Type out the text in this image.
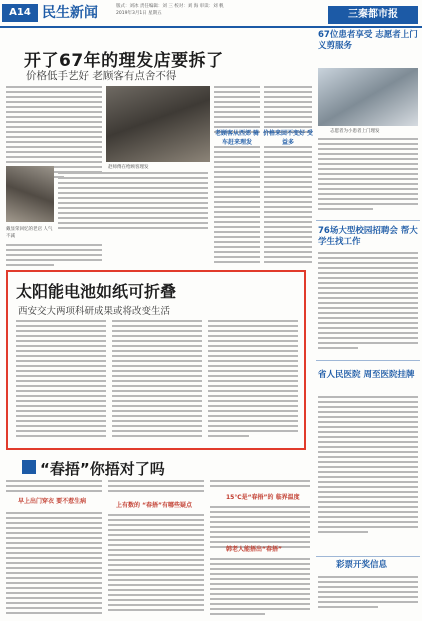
A14 民生新闻	版式：刘冰 责任编辑：刘 三 校对：刘 海 审读：刘 帆
2019年3月1日 星期五	三秦都市报
开了67年的理发店要拆了
价格低手艺好 老顾客有点舍不得
赵师傅在给顾客理发
老顾客从西郊 骑车赶来理发
价格来回不变好 受益多
戴显荣回忆的老店 人气不减
67位患者享受 志愿者上门义剪服务
志愿者为小患者上门理发
76场大型校园招聘会 帮大学生找工作
省人民医院 周至医院挂牌
彩票开奖信息
太阳能电池如纸可折叠
西安交大两项科研成果或将改变生活
“春捂”你捂对了吗
早上出门穿衣 要不惹生病
上有数的 “春捂”有哪些疑点
15℃是“春捂”的 临界温度
韩老人能捂出“春捂”
